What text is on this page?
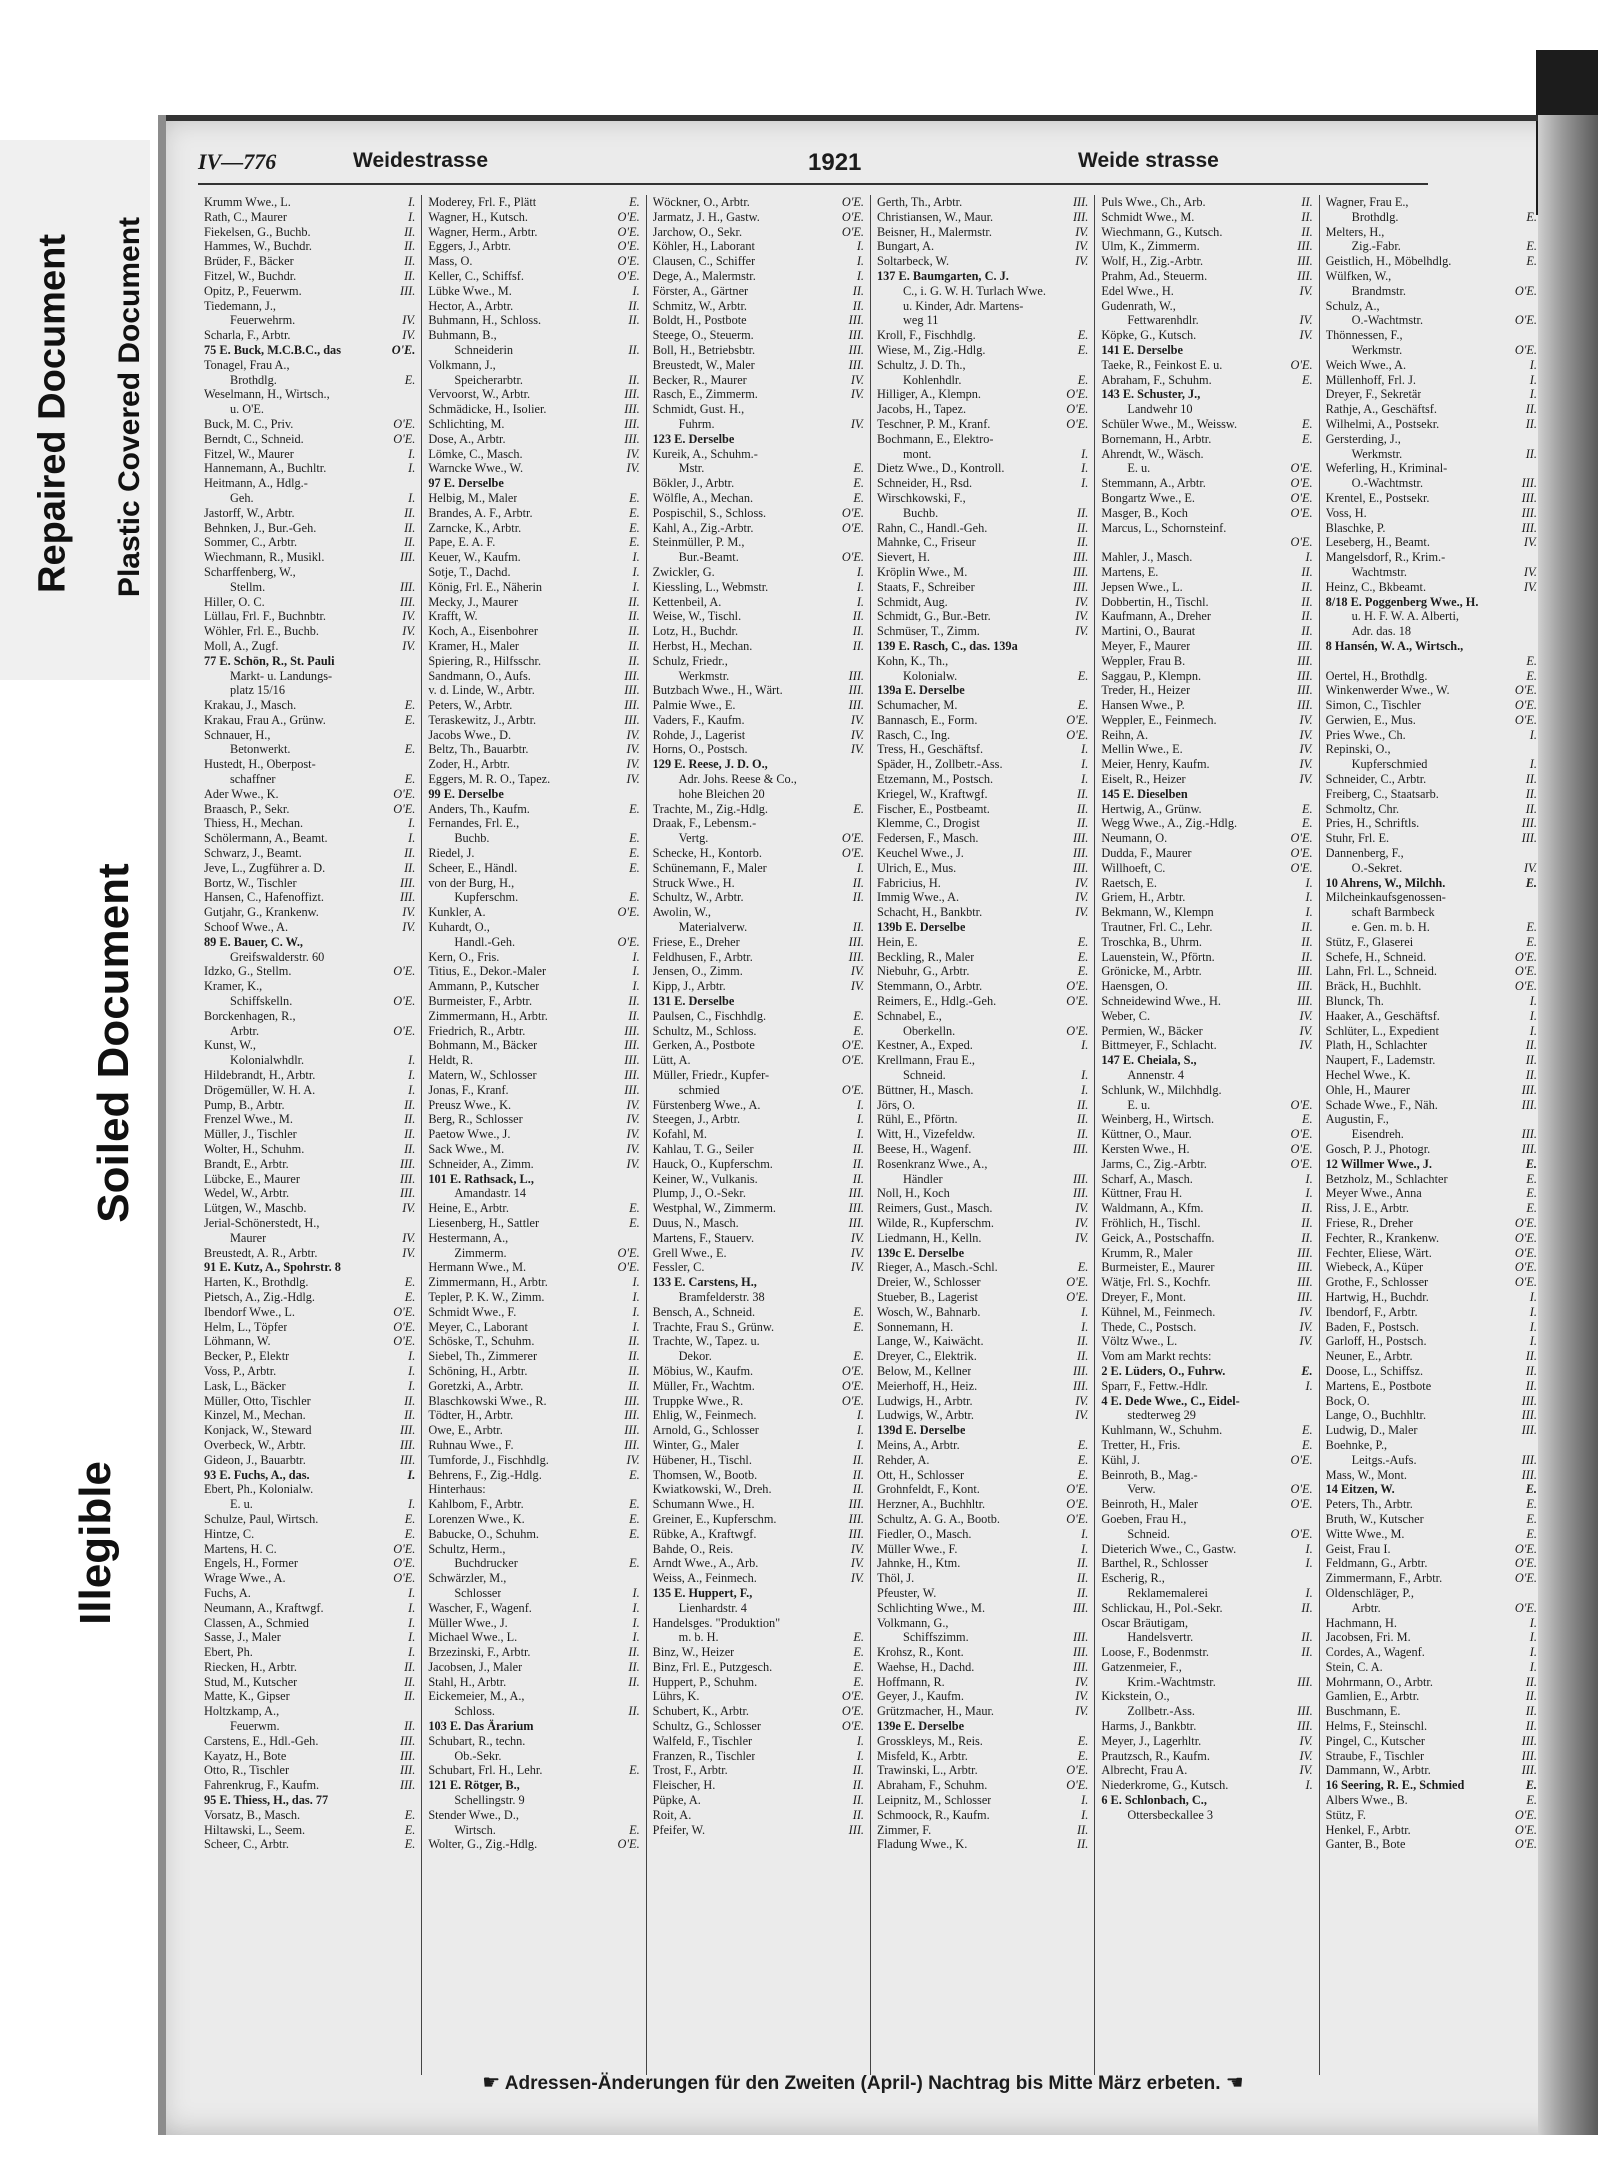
Repaired Document Plastic Covered Document
Soiled Document
Illegible
IV—776	Weidestrasse	1921	Weide strasse
Krumm Wwe., L.	I.
Rath, C., Maurer	I.
Fiekelsen, G., Buchb.	II.
Hammes, W., Buchdr.	II.
Brüder, F., Bäcker	II.
Fitzel, W., Buchdr.	II.
Opitz, P., Feuerwm.	III.
Tiedemann, J.,
Feuerwehrm.	IV.
Scharla, F., Arbtr.	IV.
75 E. Buck, M.C.B.C., das	O'E.
Tonagel, Frau A.,
Brothdlg.	E.
Weselmann, H., Wirtsch.,
u. O'E.
Buck, M. C., Priv.	O'E.
Berndt, C., Schneid.	O'E.
Fitzel, W., Maurer	I.
Hannemann, A., Buchltr.	I.
Heitmann, A., Hdlg.-
Geh.	I.
Jastorff, W., Arbtr.	II.
Behnken, J., Bur.-Geh.	II.
Sommer, C., Arbtr.	II.
Wiechmann, R., Musikl.	III.
Scharffenberg, W.,
Stellm.	III.
Hiller, O. C.	III.
Lüllau, Frl. F., Buchnbtr.	IV.
Wöhler, Frl. E., Buchb.	IV.
Moll, A., Zugf.	IV.
77 E. Schön, R., St. Pauli
Markt- u. Landungs-
platz 15/16
Krakau, J., Masch.	E.
Krakau, Frau A., Grünw.	E.
Schnauer, H.,
Betonwerkt.	E.
Hustedt, H., Oberpost-
schaffner	E.
Ader Wwe., K.	O'E.
Braasch, P., Sekr.	O'E.
Thiess, H., Mechan.	I.
Schölermann, A., Beamt.	I.
Schwarz, J., Beamt.	II.
Jeve, L., Zugführer a. D.	II.
Bortz, W., Tischler	III.
Hansen, C., Hafenoffizt.	III.
Gutjahr, G., Krankenw.	IV.
Schoof Wwe., A.	IV.
89 E. Bauer, C. W.,
Greifswalderstr. 60
Idzko, G., Stellm.	O'E.
Kramer, K.,
Schiffskelln.	O'E.
Borckenhagen, R.,
Arbtr.	O'E.
Kunst, W.,
Kolonialwhdlr.	I.
Hildebrandt, H., Arbtr.	I.
Drögemüller, W. H. A.	I.
Pump, B., Arbtr.	II.
Frenzel Wwe., M.	II.
Müller, J., Tischler	II.
Wolter, H., Schuhm.	II.
Brandt, E., Arbtr.	III.
Lübcke, E., Maurer	III.
Wedel, W., Arbtr.	III.
Lütgen, W., Maschb.	IV.
Jerial-Schönerstedt, H.,
Maurer	IV.
Breustedt, A. R., Arbtr.	IV.
91 E. Kutz, A., Spohrstr. 8
Harten, K., Brothdlg.	E.
Pietsch, A., Zig.-Hdlg.	E.
Ibendorf Wwe., L.	O'E.
Helm, L., Töpfer	O'E.
Löhmann, W.	O'E.
Becker, P., Elektr	I.
Voss, P., Arbtr.	I.
Lask, L., Bäcker	I.
Müller, Otto, Tischler	II.
Kinzel, M., Mechan.	II.
Konjack, W., Steward	III.
Overbeck, W., Arbtr.	III.
Gideon, J., Bauarbtr.	III.
93 E. Fuchs, A., das.	I.
Ebert, Ph., Kolonialw.
E. u.	I.
Schulze, Paul, Wirtsch.	E.
Hintze, C.	E.
Martens, H. C.	O'E.
Engels, H., Former	O'E.
Wrage Wwe., A.	O'E.
Fuchs, A.	I.
Neumann, A., Kraftwgf.	I.
Classen, A., Schmied	I.
Sasse, J., Maler	I.
Ebert, Ph.	I.
Riecken, H., Arbtr.	II.
Stud, M., Kutscher	II.
Matte, K., Gipser	II.
Holtzkamp, A.,
Feuerwm.	II.
Carstens, E., Hdl.-Geh.	III.
Kayatz, H., Bote	III.
Otto, R., Tischler	III.
Fahrenkrug, F., Kaufm.	III.
95 E. Thiess, H., das. 77
Vorsatz, B., Masch.	E.
Hiltawski, L., Seem.	E.
Scheer, C., Arbtr.	E.
Moderey, Frl. F., Plätt	E.
Wagner, H., Kutsch.	O'E.
Wagner, Herm., Arbtr.	O'E.
Eggers, J., Arbtr.	O'E.
Mass, O.	O'E.
Keller, C., Schiffsf.	O'E.
Lübke Wwe., M.	I.
Hector, A., Arbtr.	II.
Buhmann, H., Schloss.	II.
Buhmann, B.,
Schneiderin	II.
Volkmann, J.,
Speicherarbtr.	II.
Vervoorst, W., Arbtr.	III.
Schmädicke, H., Isolier.	III.
Schlichting, M.	III.
Dose, A., Arbtr.	III.
Lömke, C., Masch.	IV.
Warncke Wwe., W.	IV.
97 E. Derselbe
Helbig, M., Maler	E.
Brandes, A. F., Arbtr.	E.
Zarncke, K., Arbtr.	E.
Pape, E. A. F.	E.
Keuer, W., Kaufm.	I.
Sotje, T., Dachd.	I.
König, Frl. E., Näherin	I.
Mecky, J., Maurer	II.
Krafft, W.	II.
Koch, A., Eisenbohrer	II.
Kramer, H., Maler	II.
Spiering, R., Hilfsschr.	II.
Sandmann, O., Aufs.	III.
v. d. Linde, W., Arbtr.	III.
Peters, W., Arbtr.	III.
Teraskewitz, J., Arbtr.	III.
Jacobs Wwe., D.	IV.
Beltz, Th., Bauarbtr.	IV.
Zoder, H., Arbtr.	IV.
Eggers, M. R. O., Tapez.	IV.
99 E. Derselbe
Anders, Th., Kaufm.	E.
Fernandes, Frl. E.,
Buchb.	E.
Riedel, J.	E.
Scheer, E., Händl.	E.
von der Burg, H.,
Kupferschm.	E.
Kunkler, A.	O'E.
Kuhardt, O.,
Handl.-Geh.	O'E.
Kern, O., Fris.	I.
Titius, E., Dekor.-Maler	I.
Ammann, P., Kutscher	I.
Burmeister, F., Arbtr.	II.
Zimmermann, H., Arbtr.	II.
Friedrich, R., Arbtr.	III.
Bohmann, M., Bäcker	III.
Heldt, R.	III.
Matern, W., Schlosser	III.
Jonas, F., Kranf.	III.
Preusz Wwe., K.	IV.
Berg, R., Schlosser	IV.
Paetow Wwe., J.	IV.
Sack Wwe., M.	IV.
Schneider, A., Zimm.	IV.
101 E. Rathsack, L.,
Amandastr. 14
Heine, E., Arbtr.	E.
Liesenberg, H., Sattler	E.
Hestermann, A.,
Zimmerm.	O'E.
Hermann Wwe., M.	O'E.
Zimmermann, H., Arbtr.	I.
Tepler, P. K. W., Zimm.	I.
Schmidt Wwe., F.	I.
Meyer, C., Laborant	I.
Schöske, T., Schuhm.	II.
Siebel, Th., Zimmerer	II.
Schöning, H., Arbtr.	II.
Goretzki, A., Arbtr.	II.
Blaschkowski Wwe., R.	III.
Tödter, H., Arbtr.	III.
Owe, E., Arbtr.	III.
Ruhnau Wwe., F.	III.
Tumforde, J., Fischhdlg.	IV.
Behrens, F., Zig.-Hdlg.	E.
Hinterhaus:
Kahlbom, F., Arbtr.	E.
Lorenzen Wwe., K.	E.
Babucke, O., Schuhm.	E.
Schultz, Herm.,
Buchdrucker	E.
Schwärzler, M.,
Schlosser	I.
Wascher, F., Wagenf.	I.
Müller Wwe., J.	I.
Michael Wwe., L.	I.
Brzezinski, F., Arbtr.	II.
Jacobsen, J., Maler	II.
Stahl, H., Arbtr.	II.
Eickemeier, M., A.,
Schloss.	II.
103 E. Das Ärarium
Schubart, R., techn.
Ob.-Sekr.
Schubart, Frl. H., Lehr.	E.
121 E. Rötger, B.,
Schellingstr. 9
Stender Wwe., D.,
Wirtsch.	E.
Wolter, G., Zig.-Hdlg.	O'E.
Wöckner, O., Arbtr.	O'E.
Jarmatz, J. H., Gastw.	O'E.
Jarchow, O., Sekr.	O'E.
Köhler, H., Laborant	I.
Clausen, C., Schiffer	I.
Dege, A., Malermstr.	I.
Förster, A., Gärtner	II.
Schmitz, W., Arbtr.	II.
Boldt, H., Postbote	III.
Steege, O., Steuerm.	III.
Boll, H., Betriebsbtr.	III.
Breustedt, W., Maler	III.
Becker, R., Maurer	IV.
Rasch, E., Zimmerm.	IV.
Schmidt, Gust. H.,
Fuhrm.	IV.
123 E. Derselbe
Kureik, A., Schuhm.-
Mstr.	E.
Bökler, J., Arbtr.	E.
Wölfle, A., Mechan.	E.
Pospischil, S., Schloss.	O'E.
Kahl, A., Zig.-Arbtr.	O'E.
Steinmüller, P. M.,
Bur.-Beamt.	O'E.
Zwickler, G.	I.
Kiessling, L., Webmstr.	I.
Kettenbeil, A.	I.
Weise, W., Tischl.	II.
Lotz, H., Buchdr.	II.
Herbst, H., Mechan.	II.
Schulz, Friedr.,
Werkmstr.	III.
Butzbach Wwe., H., Wärt.	III.
Palmie Wwe., E.	III.
Vaders, F., Kaufm.	IV.
Rohde, J., Lagerist	IV.
Horns, O., Postsch.	IV.
129 E. Reese, J. D. O.,
Adr. Johs. Reese & Co.,
hohe Bleichen 20
Trachte, M., Zig.-Hdlg.	E.
Draak, F., Lebensm.-
Vertg.	O'E.
Schecke, H., Kontorb.	O'E.
Schünemann, F., Maler	I.
Struck Wwe., H.	II.
Schultz, W., Arbtr.	II.
Awolin, W.,
Materialverw.	II.
Friese, E., Dreher	III.
Feldhusen, F., Arbtr.	III.
Jensen, O., Zimm.	IV.
Kipp, J., Arbtr.	IV.
131 E. Derselbe
Paulsen, C., Fischhdlg.	E.
Schultz, M., Schloss.	E.
Gerken, A., Postbote	O'E.
Lütt, A.	O'E.
Müller, Friedr., Kupfer-
schmied	O'E.
Fürstenberg Wwe., A.	I.
Steegen, J., Arbtr.	I.
Kofahl, M.	I.
Kahlau, T. G., Seiler	II.
Hauck, O., Kupferschm.	II.
Keiner, W., Vulkanis.	II.
Plump, J., O.-Sekr.	III.
Westphal, W., Zimmerm.	III.
Duus, N., Masch.	III.
Martens, F., Stauerv.	IV.
Grell Wwe., E.	IV.
Fessler, C.	IV.
133 E. Carstens, H.,
Bramfelderstr. 38
Bensch, A., Schneid.	E.
Trachte, Frau S., Grünw.	E.
Trachte, W., Tapez. u.
Dekor.	E.
Möbius, W., Kaufm.	O'E.
Müller, Fr., Wachtm.	O'E.
Truppke Wwe., R.	O'E.
Ehlig, W., Feinmech.	I.
Arnold, G., Schlosser	I.
Winter, G., Maler	I.
Hübener, H., Tischl.	II.
Thomsen, W., Bootb.	II.
Kwiatkowski, W., Dreh.	II.
Schumann Wwe., H.	III.
Greiner, E., Kupferschm.	III.
Rübke, A., Kraftwgf.	III.
Bahde, O., Reis.	IV.
Arndt Wwe., A., Arb.	IV.
Weiss, A., Feinmech.	IV.
135 E. Huppert, F.,
Lienhardstr. 4
Handelsges. "Produktion"
m. b. H.	E.
Binz, W., Heizer	E.
Binz, Frl. E., Putzgesch.	E.
Huppert, P., Schuhm.	E.
Lührs, K.	O'E.
Schubert, K., Arbtr.	O'E.
Schultz, G., Schlosser	O'E.
Walfeld, F., Tischler	I.
Franzen, R., Tischler	I.
Trost, F., Arbtr.	II.
Fleischer, H.	II.
Püpke, A.	II.
Roit, A.	II.
Pfeifer, W.	III.
Gerth, Th., Arbtr.	III.
Christiansen, W., Maur.	III.
Beisner, H., Malermstr.	IV.
Bungart, A.	IV.
Soltarbeck, W.	IV.
137 E. Baumgarten, C. J.
C., i. G. W. H. Turlach Wwe.
u. Kinder, Adr. Martens-
weg 11
Kroll, F., Fischhdlg.	E.
Wiese, M., Zig.-Hdlg.	E.
Schultz, J. D. Th.,
Kohlenhdlr.	E.
Hilliger, A., Klempn.	O'E.
Jacobs, H., Tapez.	O'E.
Teschner, P. M., Kranf.	O'E.
Bochmann, E., Elektro-
mont.	I.
Dietz Wwe., D., Kontroll.	I.
Schneider, H., Rsd.	I.
Wirschkowski, F.,
Buchb.	II.
Rahn, C., Handl.-Geh.	II.
Mahnke, C., Friseur	II.
Sievert, H.	III.
Kröplin Wwe., M.	III.
Staats, F., Schreiber	III.
Schmidt, Aug.	IV.
Schmidt, G., Bur.-Betr.	IV.
Schmüser, T., Zimm.	IV.
139 E. Rasch, C., das. 139a
Kohn, K., Th.,
Kolonialw.	E.
139a E. Derselbe
Schumacher, M.	E.
Bannasch, E., Form.	O'E.
Rasch, C., Ing.	O'E.
Tress, H., Geschäftsf.	I.
Späder, H., Zollbetr.-Ass.	I.
Etzemann, M., Postsch.	I.
Kriegel, W., Kraftwgf.	II.
Fischer, E., Postbeamt.	II.
Klemme, C., Drogist	II.
Federsen, F., Masch.	III.
Keuchel Wwe., J.	III.
Ulrich, E., Mus.	III.
Fabricius, H.	IV.
Immig Wwe., A.	IV.
Schacht, H., Bankbtr.	IV.
139b E. Derselbe
Hein, E.	E.
Beckling, R., Maler	E.
Niebuhr, G., Arbtr.	E.
Stemmann, O., Arbtr.	O'E.
Reimers, E., Hdlg.-Geh.	O'E.
Schnabel, E.,
Oberkelln.	O'E.
Kestner, A., Exped.	I.
Krellmann, Frau E.,
Schneid.	I.
Büttner, H., Masch.	I.
Jörs, O.	II.
Rühl, E., Pförtn.	II.
Witt, H., Vizefeldw.	II.
Beese, H., Wagenf.	III.
Rosenkranz Wwe., A.,
Händler	III.
Noll, H., Koch	III.
Reimers, Gust., Masch.	IV.
Wilde, R., Kupferschm.	IV.
Liedmann, H., Kelln.	IV.
139c E. Derselbe
Rieger, A., Masch.-Schl.	E.
Dreier, W., Schlosser	O'E.
Stueber, B., Lagerist	O'E.
Wosch, W., Bahnarb.	I.
Sonnemann, H.	I.
Lange, W., Kaiwächt.	II.
Dreyer, C., Elektrik.	II.
Below, M., Kellner	III.
Meierhoff, H., Heiz.	III.
Ludwigs, H., Arbtr.	IV.
Ludwigs, W., Arbtr.	IV.
139d E. Derselbe
Meins, A., Arbtr.	E.
Rehder, A.	E.
Ott, H., Schlosser	E.
Grohnfeldt, F., Kont.	O'E.
Herzner, A., Buchhltr.	O'E.
Schultz, A. G. A., Bootb.	O'E.
Fiedler, O., Masch.	I.
Müller Wwe., F.	I.
Jahnke, H., Ktm.	II.
Thöl, J.	II.
Pfeuster, W.	II.
Schlichting Wwe., M.	III.
Volkmann, G.,
Schiffszimm.	III.
Krohsz, R., Kont.	III.
Waehse, H., Dachd.	III.
Hoffmann, R.	IV.
Geyer, J., Kaufm.	IV.
Grützmacher, H., Maur.	IV.
139e E. Derselbe
Grosskleys, M., Reis.	E.
Misfeld, K., Arbtr.	E.
Trawinski, L., Arbtr.	O'E.
Abraham, F., Schuhm.	O'E.
Leipnitz, M., Schlosser	I.
Schmoock, R., Kaufm.	I.
Zimmer, F.	II.
Fladung Wwe., K.	II.
Puls Wwe., Ch., Arb.	II.
Schmidt Wwe., M.	II.
Wiechmann, G., Kutsch.	II.
Ulm, K., Zimmerm.	III.
Wolf, H., Zig.-Arbtr.	III.
Prahm, Ad., Steuerm.	III.
Edel Wwe., H.	IV.
Gudenrath, W.,
Fettwarenhdlr.	IV.
Köpke, G., Kutsch.	IV.
141 E. Derselbe
Taeke, R., Feinkost E. u.	O'E.
Abraham, F., Schuhm.	E.
143 E. Schuster, J.,
Landwehr 10
Schüler Wwe., M., Weissw.	E.
Bornemann, H., Arbtr.	E.
Ahrendt, W., Wäsch.
E. u.	O'E.
Stemmann, A., Arbtr.	O'E.
Bongartz Wwe., E.	O'E.
Masger, B., Koch	O'E.
Marcus, L., Schornsteinf.
O'E.
Mahler, J., Masch.	I.
Martens, E.	II.
Jepsen Wwe., L.	II.
Dobbertin, H., Tischl.	II.
Kaufmann, A., Dreher	II.
Martini, O., Baurat	II.
Meyer, F., Maurer	III.
Weppler, Frau B.	III.
Saggau, P., Klempn.	III.
Treder, H., Heizer	III.
Hansen Wwe., P.	III.
Weppler, E., Feinmech.	IV.
Reihn, A.	IV.
Mellin Wwe., E.	IV.
Meier, Henry, Kaufm.	IV.
Eiselt, R., Heizer	IV.
145 E. Dieselben
Hertwig, A., Grünw.	E.
Wegg Wwe., A., Zig.-Hdlg.	E.
Neumann, O.	O'E.
Dudda, F., Maurer	O'E.
Willhoeft, C.	O'E.
Raetsch, E.	I.
Griem, H., Arbtr.	I.
Bekmann, W., Klempn	I.
Trautner, Frl. C., Lehr.	II.
Troschka, B., Uhrm.	II.
Lauenstein, W., Pförtn.	II.
Grönicke, M., Arbtr.	III.
Haensgen, O.	III.
Schneidewind Wwe., H.	III.
Weber, C.	IV.
Permien, W., Bäcker	IV.
Bittmeyer, F., Schlacht.	IV.
147 E. Cheiala, S.,
Annenstr. 4
Schlunk, W., Milchhdlg.
E. u.	O'E.
Weinberg, H., Wirtsch.	E.
Küttner, O., Maur.	O'E.
Kersten Wwe., H.	O'E.
Jarms, C., Zig.-Arbtr.	O'E.
Scharf, A., Masch.	I.
Küttner, Frau H.	I.
Waldmann, A., Kfm.	II.
Fröhlich, H., Tischl.	II.
Geick, A., Postschaffn.	II.
Krumm, R., Maler	III.
Burmeister, E., Maurer	III.
Wätje, Frl. S., Kochfr.	III.
Dreyer, F., Mont.	III.
Kühnel, M., Feinmech.	IV.
Thede, C., Postsch.	IV.
Völtz Wwe., L.	IV.
Vom am Markt rechts:
2 E. Lüders, O., Fuhrw.	E.
Sparr, F., Fettw.-Hdlr.	I.
4 E. Dede Wwe., C., Eidel-
stedterweg 29
Kuhlmann, W., Schuhm.	E.
Tretter, H., Fris.	E.
Kühl, J.	O'E.
Beinroth, B., Mag.-
Verw.	O'E.
Beinroth, H., Maler	O'E.
Goeben, Frau H.,
Schneid.	O'E.
Dieterich Wwe., C., Gastw.	I.
Barthel, R., Schlosser	I.
Escherig, R.,
Reklamemalerei	I.
Schlickau, H., Pol.-Sekr.	II.
Oscar Bräutigam,
Handelsvertr.	II.
Loose, F., Bodenmstr.	II.
Gatzenmeier, F.,
Krim.-Wachtmstr.	III.
Kickstein, O.,
Zollbetr.-Ass.	III.
Harms, J., Bankbtr.	III.
Meyer, J., Lagerhltr.	IV.
Prautzsch, R., Kaufm.	IV.
Albrecht, Frau A.	IV.
Niederkrome, G., Kutsch.	I.
6 E. Schlonbach, C.,
Ottersbeckallee 3
Wagner, Frau E.,
Brothdlg.	E.
Melters, H.,
Zig.-Fabr.	E.
Geistlich, H., Möbelhdlg.	E.
Wülfken, W.,
Brandmstr.	O'E.
Schulz, A.,
O.-Wachtmstr.	O'E.
Thönnessen, F.,
Werkmstr.	O'E.
Weich Wwe., A.	I.
Müllenhoff, Frl. J.	I.
Dreyer, F., Sekretär	I.
Rathje, A., Geschäftsf.	II.
Wilhelmi, A., Postsekr.	II.
Gersterding, J.,
Werkmstr.	II.
Weferling, H., Kriminal-
O.-Wachtmstr.	III.
Krentel, E., Postsekr.	III.
Voss, H.	III.
Blaschke, P.	III.
Leseberg, H., Beamt.	IV.
Mangelsdorf, R., Krim.-
Wachtmstr.	IV.
Heinz, C., Bkbeamt.	IV.
8/18 E. Poggenberg Wwe., H.
u. H. F. W. A. Alberti,
Adr. das. 18
8 Hansén, W. A., Wirtsch.,
E.
Oertel, H., Brothdlg.	E.
Winkenwerder Wwe., W.	O'E.
Simon, C., Tischler	O'E.
Gerwien, E., Mus.	O'E.
Pries Wwe., Ch.	I.
Repinski, O.,
Kupferschmied	I.
Schneider, C., Arbtr.	II.
Freiberg, C., Staatsarb.	II.
Schmoltz, Chr.	II.
Pries, H., Schriftls.	III.
Stuhr, Frl. E.	III.
Dannenberg, F.,
O.-Sekret.	IV.
10 Ahrens, W., Milchh.	E.
Milcheinkaufsgenossen-
schaft Barmbeck
e. Gen. m. b. H.	E.
Stütz, F., Glaserei	E.
Schefe, H., Schneid.	O'E.
Lahn, Frl. L., Schneid.	O'E.
Bräck, H., Buchhlt.	O'E.
Blunck, Th.	I.
Haaker, A., Geschäftsf.	I.
Schlüter, L., Expedient	I.
Plath, H., Schlachter	II.
Naupert, F., Lademstr.	II.
Hechel Wwe., K.	II.
Ohle, H., Maurer	III.
Schade Wwe., F., Näh.	III.
Augustin, F.,
Eisendreh.	III.
Gosch, P. J., Photogr.	III.
12 Willmer Wwe., J.	E.
Betzholz, M., Schlachter	E.
Meyer Wwe., Anna	E.
Riss, J. E., Arbtr.	E.
Friese, R., Dreher	O'E.
Fechter, R., Krankenw.	O'E.
Fechter, Eliese, Wärt.	O'E.
Wiebeck, A., Küper	O'E.
Grothe, F., Schlosser	O'E.
Hartwig, H., Buchdr.	I.
Ibendorf, F., Arbtr.	I.
Baden, F., Postsch.	I.
Garloff, H., Postsch.	I.
Neuner, E., Arbtr.	II.
Doose, L., Schiffsz.	II.
Martens, E., Postbote	II.
Bock, O.	III.
Lange, O., Buchhltr.	III.
Ludwig, D., Maler	III.
Boehnke, P.,
Leitgs.-Aufs.	III.
Mass, W., Mont.	III.
14 Eitzen, W.	E.
Peters, Th., Arbtr.	E.
Bruth, W., Kutscher	E.
Witte Wwe., M.	E.
Geist, Frau I.	O'E.
Feldmann, G., Arbtr.	O'E.
Zimmermann, F., Arbtr.	O'E.
Oldenschläger, P.,
Arbtr.	O'E.
Hachmann, H.	I.
Jacobsen, Fri. M.	I.
Cordes, A., Wagenf.	I.
Stein, C. A.	I.
Mohrmann, O., Arbtr.	II.
Gamlien, E., Arbtr.	II.
Buschmann, E.	II.
Helms, F., Steinschl.	II.
Pingel, C., Kutscher	III.
Straube, F., Tischler	III.
Dammann, W., Arbtr.	III.
16 Seering, R. E., Schmied	E.
Albers Wwe., B.	E.
Stütz, F.	O'E.
Henkel, F., Arbtr.	O'E.
Ganter, B., Bote	O'E.
☛ Adressen-Änderungen für den Zweiten (April-) Nachtrag bis Mitte März erbeten. ☚
